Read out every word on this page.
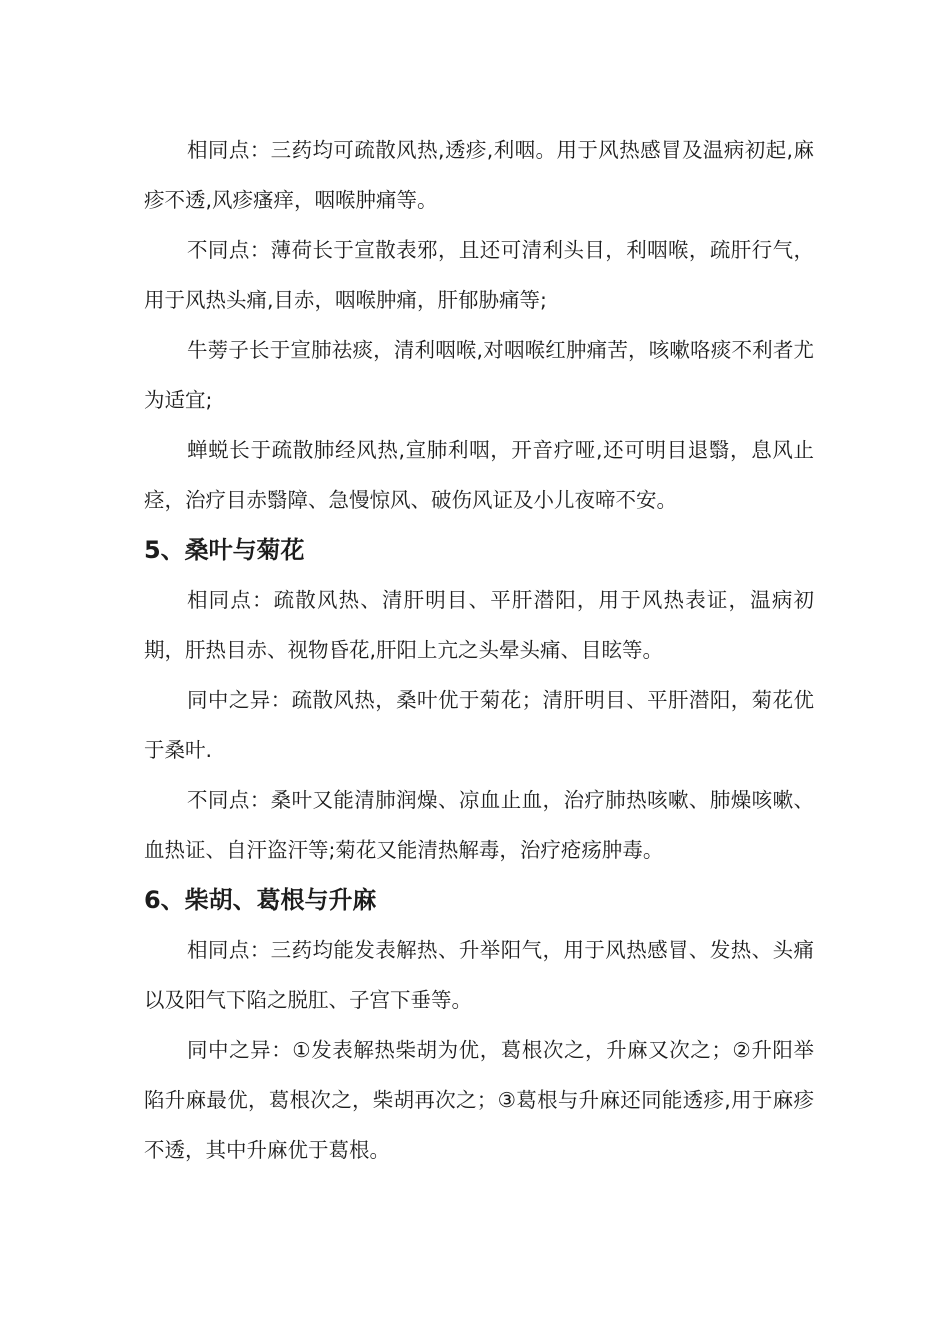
相同点：三药均可疏散风热,透疹,利咽。用于风热感冒及温病初起,麻疹不透,风疹瘙痒，咽喉肿痛等。

不同点：薄荷长于宣散表邪，且还可清利头目，利咽喉，疏肝行气，用于风热头痛,目赤，咽喉肿痛，肝郁胁痛等;

牛蒡子长于宣肺祛痰，清利咽喉,对咽喉红肿痛苦，咳嗽咯痰不利者尤为适宜;

蝉蜕长于疏散肺经风热,宣肺利咽，开音疗哑,还可明目退翳，息风止痉，治疗目赤翳障、急慢惊风、破伤风证及小儿夜啼不安。

5、桑叶与菊花

相同点：疏散风热、清肝明目、平肝潜阳，用于风热表证，温病初期，肝热目赤、视物昏花,肝阳上亢之头晕头痛、目眩等。

同中之异：疏散风热，桑叶优于菊花；清肝明目、平肝潜阳，菊花优于桑叶.

不同点：桑叶又能清肺润燥、凉血止血，治疗肺热咳嗽、肺燥咳嗽、血热证、自汗盗汗等;菊花又能清热解毒，治疗疮疡肿毒。

6、柴胡、葛根与升麻

相同点：三药均能发表解热、升举阳气，用于风热感冒、发热、头痛以及阳气下陷之脱肛、子宫下垂等。

同中之异：①发表解热柴胡为优，葛根次之，升麻又次之；②升阳举陷升麻最优，葛根次之，柴胡再次之；③葛根与升麻还同能透疹,用于麻疹不透，其中升麻优于葛根。
